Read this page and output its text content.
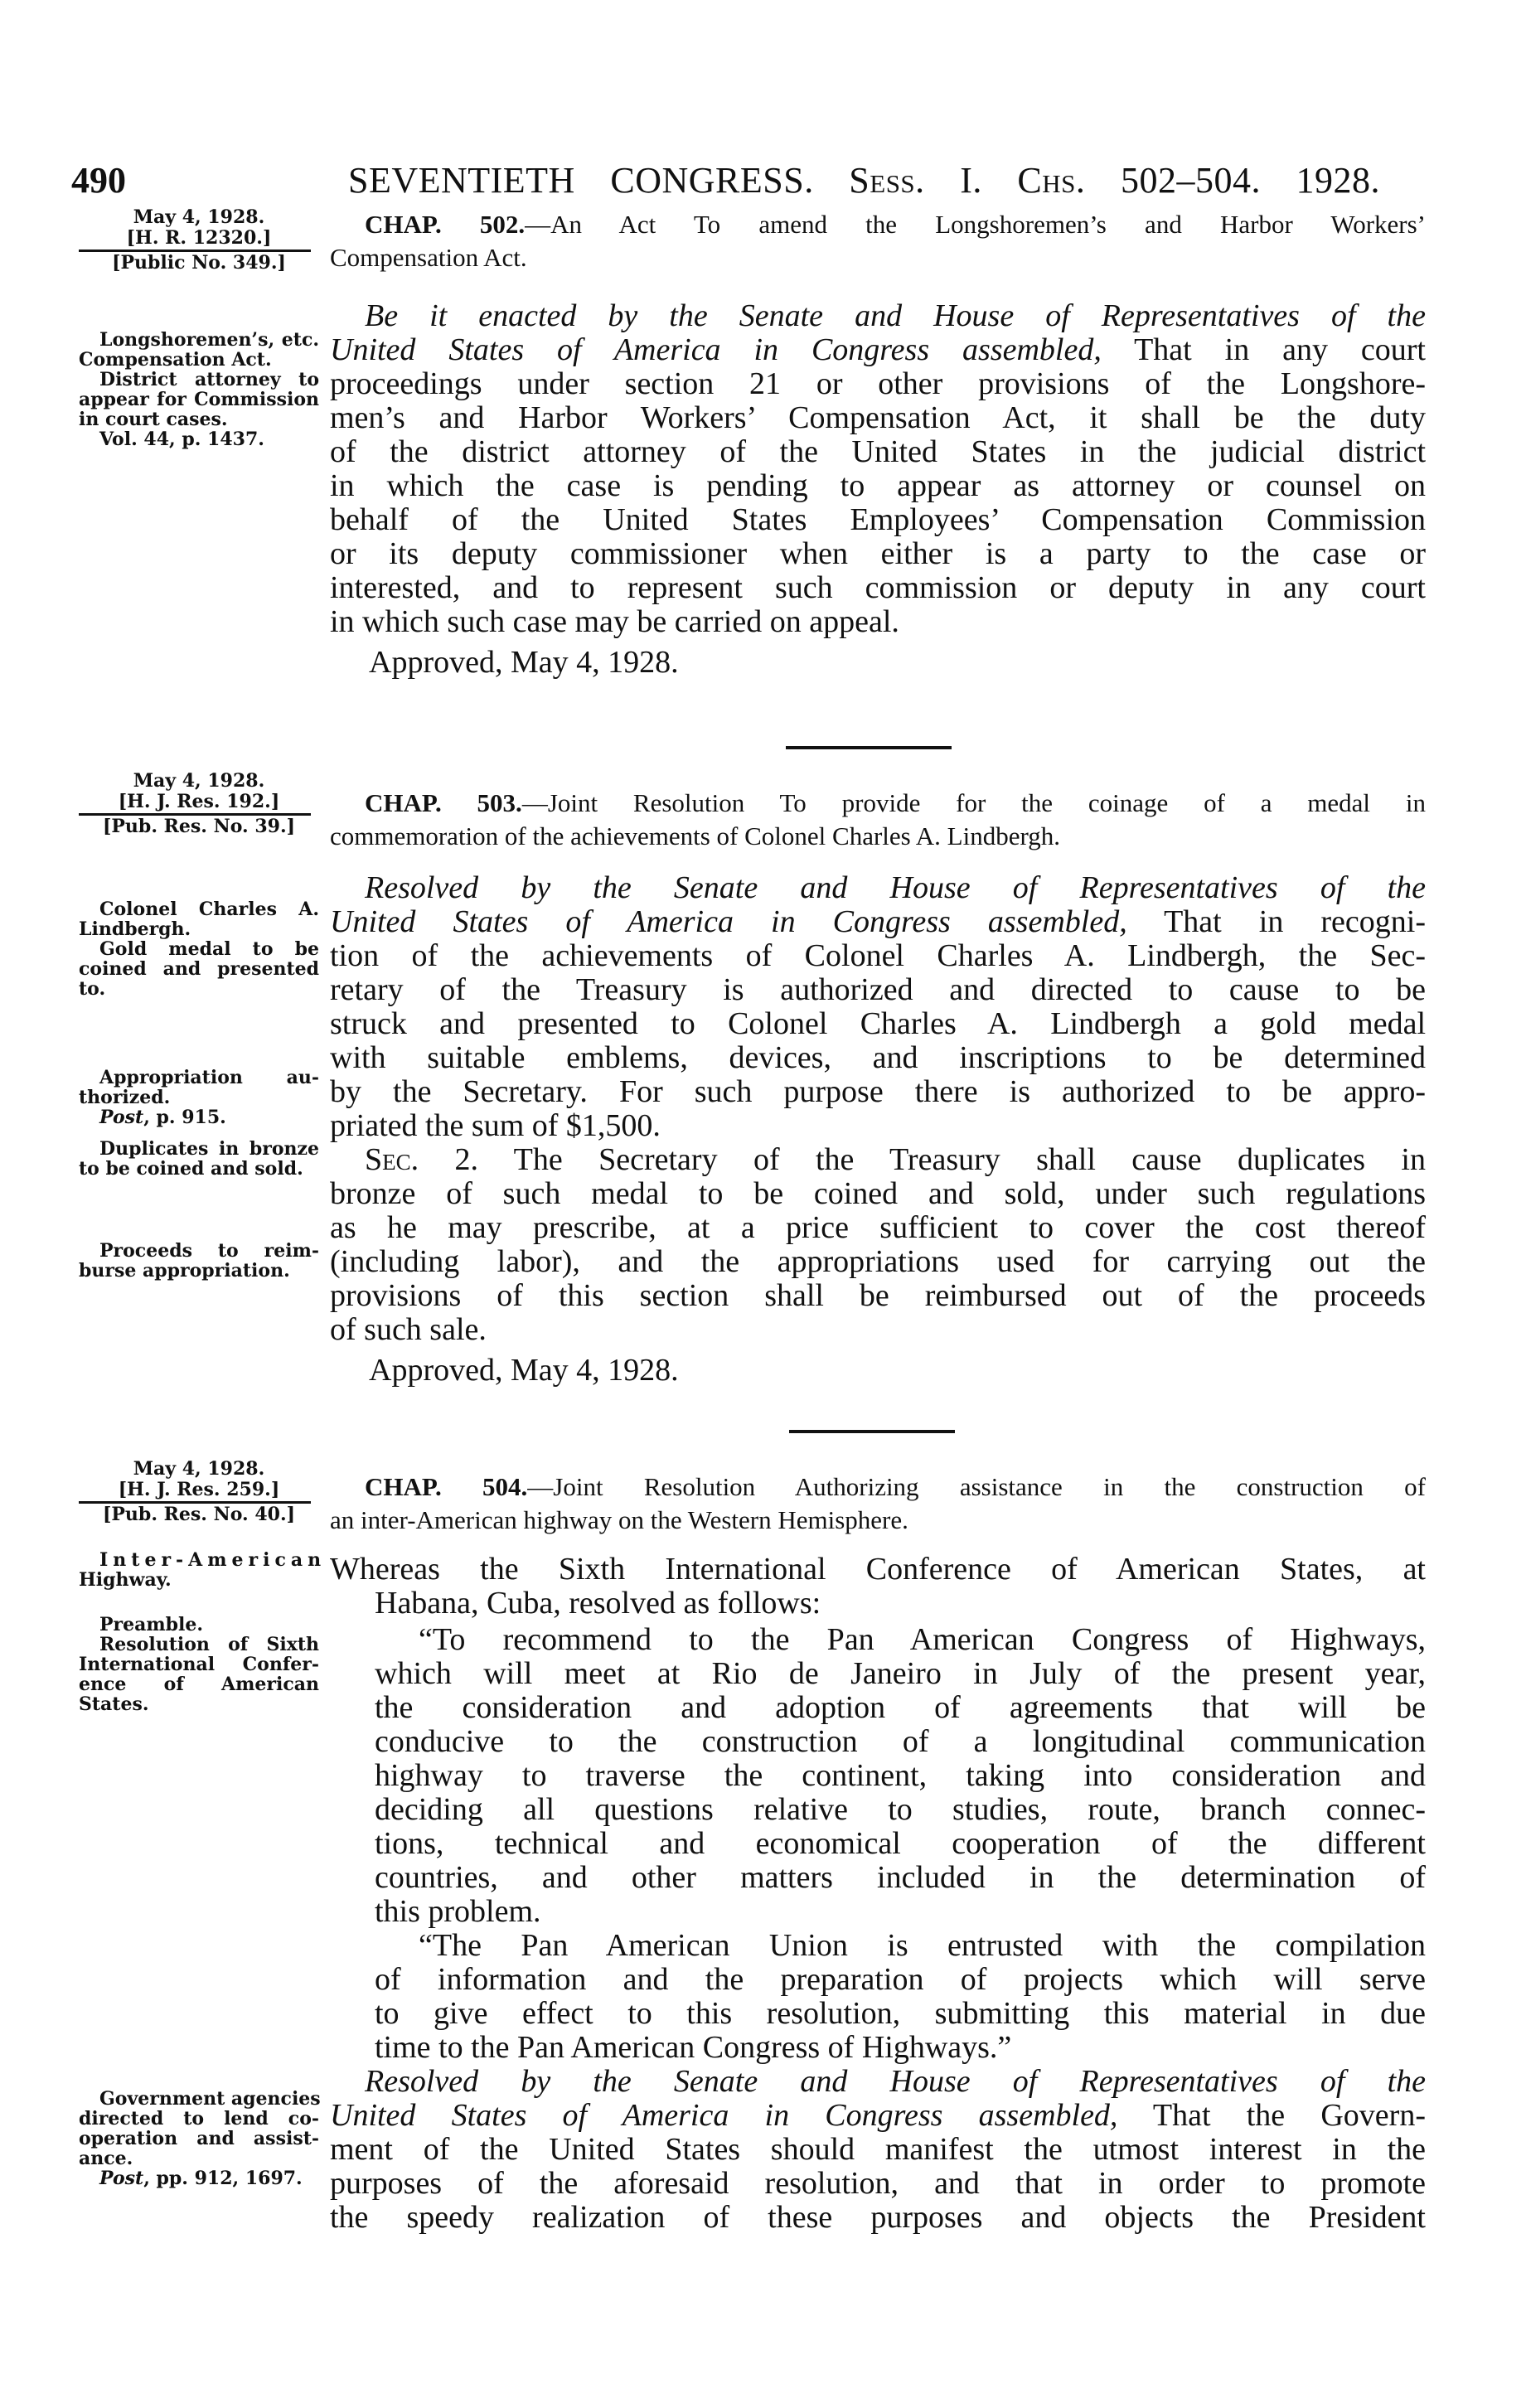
490	SEVENTIETH CONGRESS. Sess. I. Chs. 502–504. 1928.
May 4, 1928.
[H. R. 12320.]
[Public No. 349.]
CHAP. 502.—An Act To amend the Longshoremen’s and Harbor Workers’
Compensation Act.
Be it enacted by the Senate and House of Representatives of the
United States of America in Congress assembled, That in any court
proceedings under section 21 or other provisions of the Longshore-
men’s and Harbor Workers’ Compensation Act, it shall be the duty
of the district attorney of the United States in the judicial district
in which the case is pending to appear as attorney or counsel on
behalf of the United States Employees’ Compensation Commission
or its deputy commissioner when either is a party to the case or
interested, and to represent such commission or deputy in any court
in which such case may be carried on appeal.
Approved, May 4, 1928.
Longshoremen’s, etc.
Compensation Act.
District attorney to
appear for Commission
in court cases.
Vol. 44, p. 1437.
May 4, 1928.
[H. J. Res. 192.]
[Pub. Res. No. 39.]
CHAP. 503.—Joint Resolution To provide for the coinage of a medal in
commemoration of the achievements of Colonel Charles A. Lindbergh.
Resolved by the Senate and House of Representatives of the
United States of America in Congress assembled, That in recogni-
tion of the achievements of Colonel Charles A. Lindbergh, the Sec-
retary of the Treasury is authorized and directed to cause to be
struck and presented to Colonel Charles A. Lindbergh a gold medal
with suitable emblems, devices, and inscriptions to be determined
by the Secretary. For such purpose there is authorized to be appro-
priated the sum of $1,500.
Sec. 2. The Secretary of the Treasury shall cause duplicates in
bronze of such medal to be coined and sold, under such regulations
as he may prescribe, at a price sufficient to cover the cost thereof
(including labor), and the appropriations used for carrying out the
provisions of this section shall be reimbursed out of the proceeds
of such sale.
Approved, May 4, 1928.
Colonel Charles A.
Lindbergh.
Gold medal to be
coined and presented
to.
Appropriation au-
thorized.
Post, p. 915.
Duplicates in bronze
to be coined and sold.
Proceeds to reim-
burse appropriation.
May 4, 1928.
[H. J. Res. 259.]
[Pub. Res. No. 40.]
CHAP. 504.—Joint Resolution Authorizing assistance in the construction of
an inter-American highway on the Western Hemisphere.
Whereas the Sixth International Conference of American States, at
Habana, Cuba, resolved as follows:
“To recommend to the Pan American Congress of Highways,
which will meet at Rio de Janeiro in July of the present year,
the consideration and adoption of agreements that will be
conducive to the construction of a longitudinal communication
highway to traverse the continent, taking into consideration and
deciding all questions relative to studies, route, branch connec-
tions, technical and economical cooperation of the different
countries, and other matters included in the determination of
this problem.
“The Pan American Union is entrusted with the compilation
of information and the preparation of projects which will serve
to give effect to this resolution, submitting this material in due
time to the Pan American Congress of Highways.”
Resolved by the Senate and House of Representatives of the
United States of America in Congress assembled, That the Govern-
ment of the United States should manifest the utmost interest in the
purposes of the aforesaid resolution, and that in order to promote
the speedy realization of these purposes and objects the President
Inter-American
Highway.
Preamble.
Resolution of Sixth
International Confer-
ence of American
States.
Government agencies
directed to lend co-
operation and assist-
ance.
Post, pp. 912, 1697.
